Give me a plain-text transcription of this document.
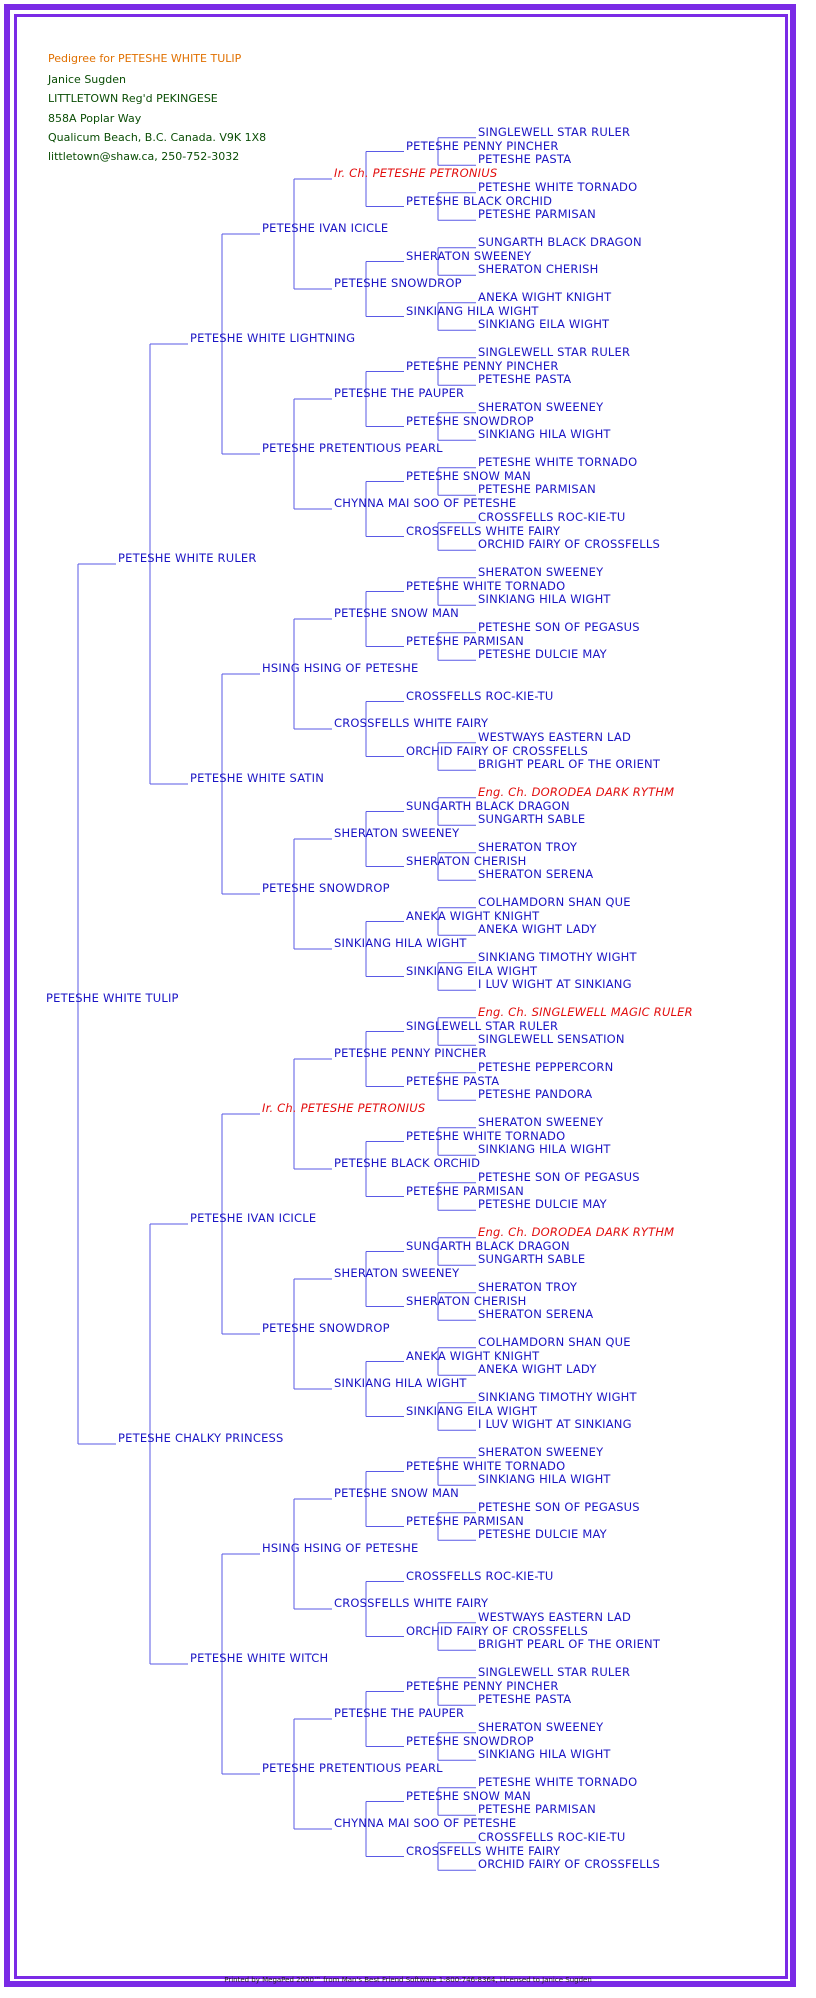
Pedigree for PETESHE WHITE TULIP
Janice Sugden
LITTLETOWN Reg'd PEKINGESE
858A Poplar Way
Qualicum Beach, B.C. Canada. V9K 1X8
littletown@shaw.ca, 250-752-3032
SINGLEWELL STAR RULER
PETESHE PASTA
PETESHE PENNY PINCHER
PETESHE WHITE TORNADO
PETESHE PARMISAN
PETESHE BLACK ORCHID
Ir. Ch. PETESHE PETRONIUS
SUNGARTH BLACK DRAGON
SHERATON CHERISH
SHERATON SWEENEY
ANEKA WIGHT KNIGHT
SINKIANG EILA WIGHT
SINKIANG HILA WIGHT
PETESHE SNOWDROP
PETESHE IVAN ICICLE
SINGLEWELL STAR RULER
PETESHE PASTA
PETESHE PENNY PINCHER
SHERATON SWEENEY
SINKIANG HILA WIGHT
PETESHE SNOWDROP
PETESHE THE PAUPER
PETESHE WHITE TORNADO
PETESHE PARMISAN
PETESHE SNOW MAN
CROSSFELLS ROC-KIE-TU
ORCHID FAIRY OF CROSSFELLS
CROSSFELLS WHITE FAIRY
CHYNNA MAI SOO OF PETESHE
PETESHE PRETENTIOUS PEARL
PETESHE WHITE LIGHTNING
SHERATON SWEENEY
SINKIANG HILA WIGHT
PETESHE WHITE TORNADO
PETESHE SON OF PEGASUS
PETESHE DULCIE MAY
PETESHE PARMISAN
PETESHE SNOW MAN
CROSSFELLS ROC-KIE-TU
WESTWAYS EASTERN LAD
BRIGHT PEARL OF THE ORIENT
ORCHID FAIRY OF CROSSFELLS
CROSSFELLS WHITE FAIRY
HSING HSING OF PETESHE
Eng. Ch. DORODEA DARK RYTHM
SUNGARTH SABLE
SUNGARTH BLACK DRAGON
SHERATON TROY
SHERATON SERENA
SHERATON CHERISH
SHERATON SWEENEY
COLHAMDORN SHAN QUE
ANEKA WIGHT LADY
ANEKA WIGHT KNIGHT
SINKIANG TIMOTHY WIGHT
I LUV WIGHT AT SINKIANG
SINKIANG EILA WIGHT
SINKIANG HILA WIGHT
PETESHE SNOWDROP
PETESHE WHITE SATIN
PETESHE WHITE RULER
Eng. Ch. SINGLEWELL MAGIC RULER
SINGLEWELL SENSATION
SINGLEWELL STAR RULER
PETESHE PEPPERCORN
PETESHE PANDORA
PETESHE PASTA
PETESHE PENNY PINCHER
SHERATON SWEENEY
SINKIANG HILA WIGHT
PETESHE WHITE TORNADO
PETESHE SON OF PEGASUS
PETESHE DULCIE MAY
PETESHE PARMISAN
PETESHE BLACK ORCHID
Ir. Ch. PETESHE PETRONIUS
Eng. Ch. DORODEA DARK RYTHM
SUNGARTH SABLE
SUNGARTH BLACK DRAGON
SHERATON TROY
SHERATON SERENA
SHERATON CHERISH
SHERATON SWEENEY
COLHAMDORN SHAN QUE
ANEKA WIGHT LADY
ANEKA WIGHT KNIGHT
SINKIANG TIMOTHY WIGHT
I LUV WIGHT AT SINKIANG
SINKIANG EILA WIGHT
SINKIANG HILA WIGHT
PETESHE SNOWDROP
PETESHE IVAN ICICLE
SHERATON SWEENEY
SINKIANG HILA WIGHT
PETESHE WHITE TORNADO
PETESHE SON OF PEGASUS
PETESHE DULCIE MAY
PETESHE PARMISAN
PETESHE SNOW MAN
CROSSFELLS ROC-KIE-TU
WESTWAYS EASTERN LAD
BRIGHT PEARL OF THE ORIENT
ORCHID FAIRY OF CROSSFELLS
CROSSFELLS WHITE FAIRY
HSING HSING OF PETESHE
SINGLEWELL STAR RULER
PETESHE PASTA
PETESHE PENNY PINCHER
SHERATON SWEENEY
SINKIANG HILA WIGHT
PETESHE SNOWDROP
PETESHE THE PAUPER
PETESHE WHITE TORNADO
PETESHE PARMISAN
PETESHE SNOW MAN
CROSSFELLS ROC-KIE-TU
ORCHID FAIRY OF CROSSFELLS
CROSSFELLS WHITE FAIRY
CHYNNA MAI SOO OF PETESHE
PETESHE PRETENTIOUS PEARL
PETESHE WHITE WITCH
PETESHE CHALKY PRINCESS
PETESHE WHITE TULIP
Printed by MegaPed 2000™ from Man's Best Friend Software 1-800-746-8364, Licensed to Janice Sugden
